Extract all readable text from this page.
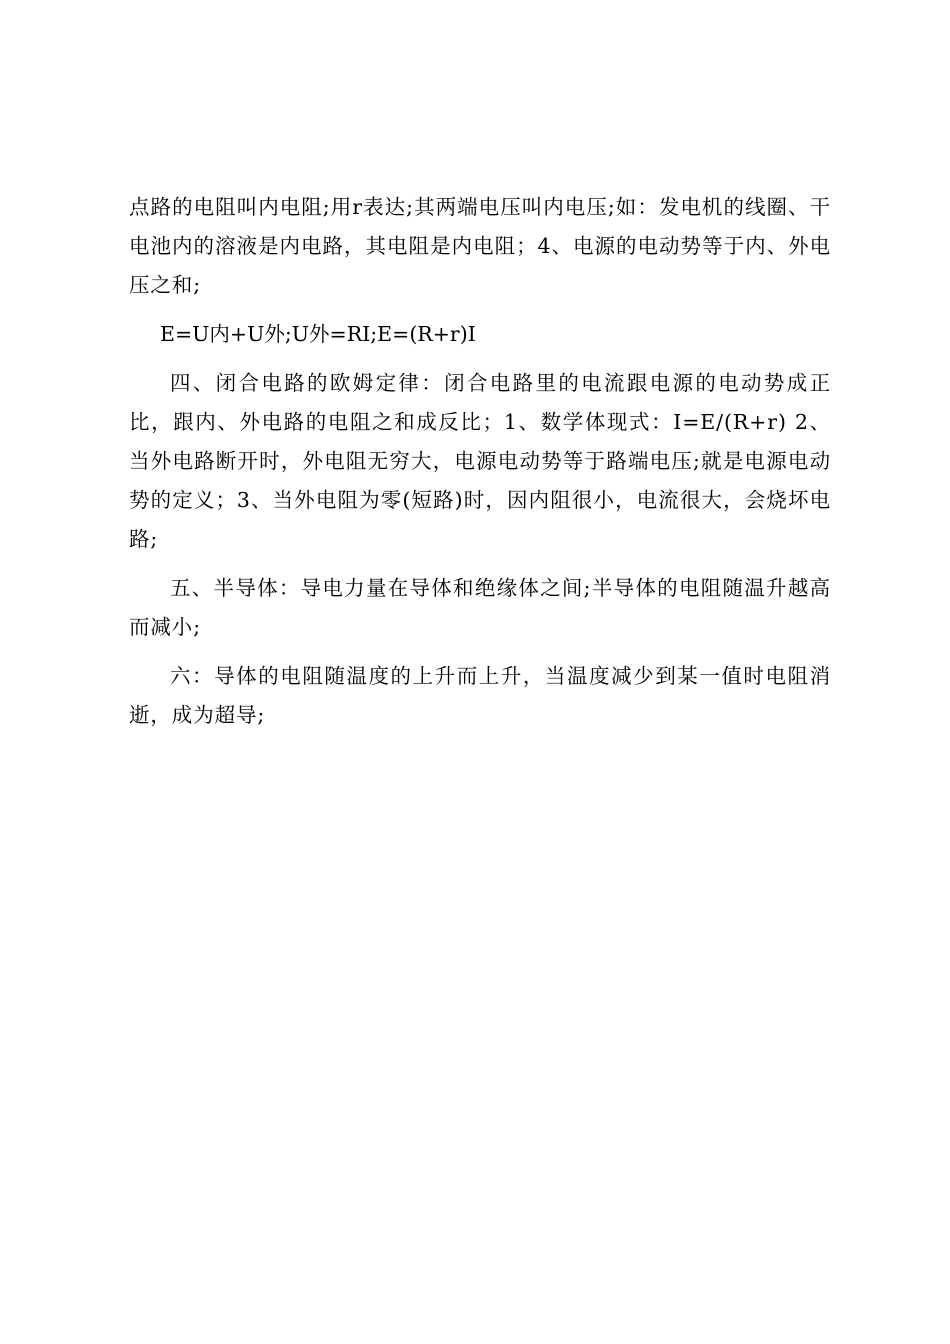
点路的电阻叫内电阻;用r表达;其两端电压叫内电压;如：发电机的线圈、干电池内的溶液是内电路，其电阻是内电阻；4、电源的电动势等于内、外电压之和;

E=U内+U外;U外=RI;E=(R+r)I

四、闭合电路的欧姆定律：闭合电路里的电流跟电源的电动势成正比，跟内、外电路的电阻之和成反比；1、数学体现式：I=E/(R+r) 2、当外电路断开时，外电阻无穷大，电源电动势等于路端电压;就是电源电动势的定义；3、当外电阻为零(短路)时，因内阻很小，电流很大，会烧坏电路;

五、半导体：导电力量在导体和绝缘体之间;半导体的电阻随温升越高而减小;

六：导体的电阻随温度的上升而上升，当温度减少到某一值时电阻消逝，成为超导;
